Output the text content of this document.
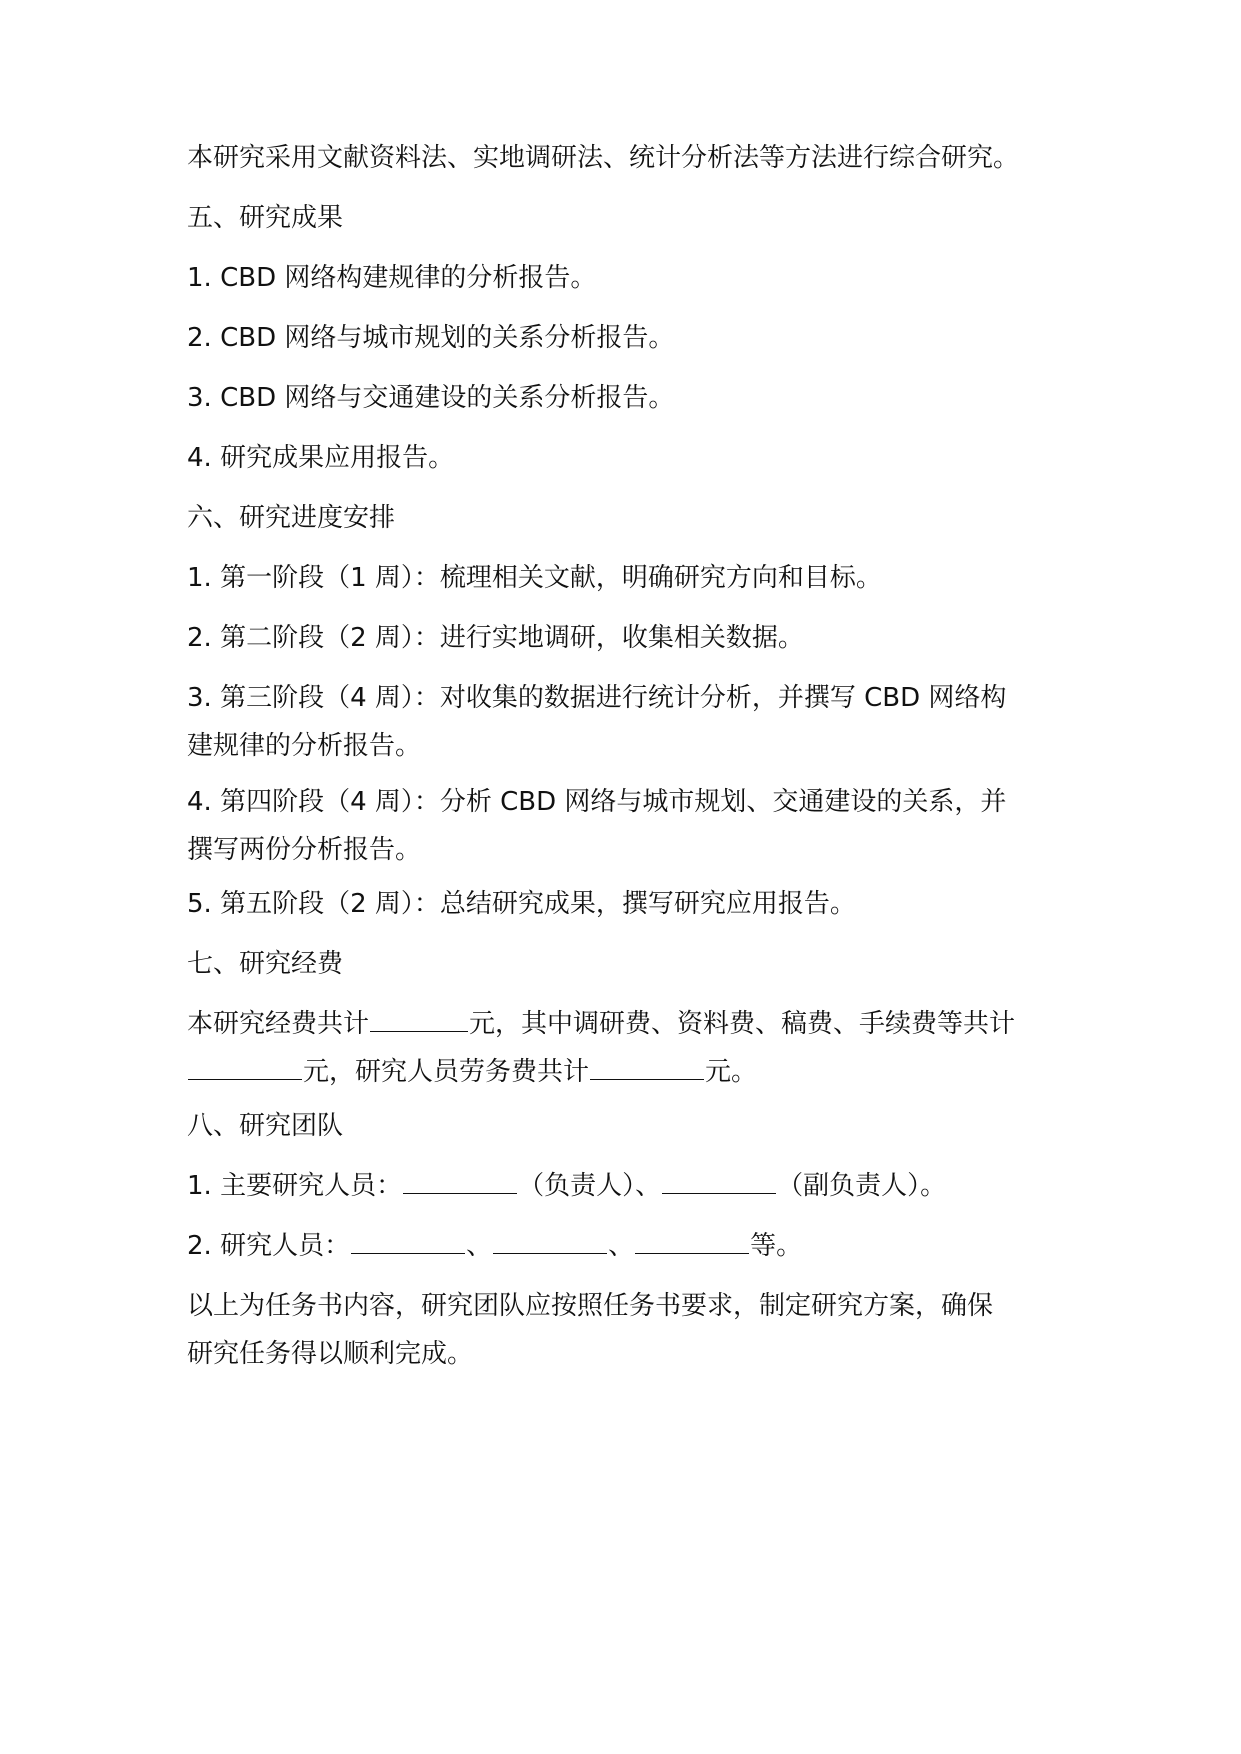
本研究采用文献资料法、实地调研法、统计分析法等方法进行综合研究。
五、研究成果
1. CBD 网络构建规律的分析报告。
2. CBD 网络与城市规划的关系分析报告。
3. CBD 网络与交通建设的关系分析报告。
4. 研究成果应用报告。
六、研究进度安排
1. 第一阶段（1 周）：梳理相关文献，明确研究方向和目标。
2. 第二阶段（2 周）：进行实地调研，收集相关数据。
3. 第三阶段（4 周）：对收集的数据进行统计分析，并撰写 CBD 网络构
建规律的分析报告。
4. 第四阶段（4 周）：分析 CBD 网络与城市规划、交通建设的关系，并
撰写两份分析报告。
5. 第五阶段（2 周）：总结研究成果，撰写研究应用报告。
七、研究经费
本研究经费共计	元，其中调研费、资料费、稿费、手续费等共计
元，研究人员劳务费共计	元。
八、研究团队
1. 主要研究人员：	（负责人）、	（副负责人）。
2. 研究人员：	、	、	等。
以上为任务书内容，研究团队应按照任务书要求，制定研究方案，确保
研究任务得以顺利完成。
